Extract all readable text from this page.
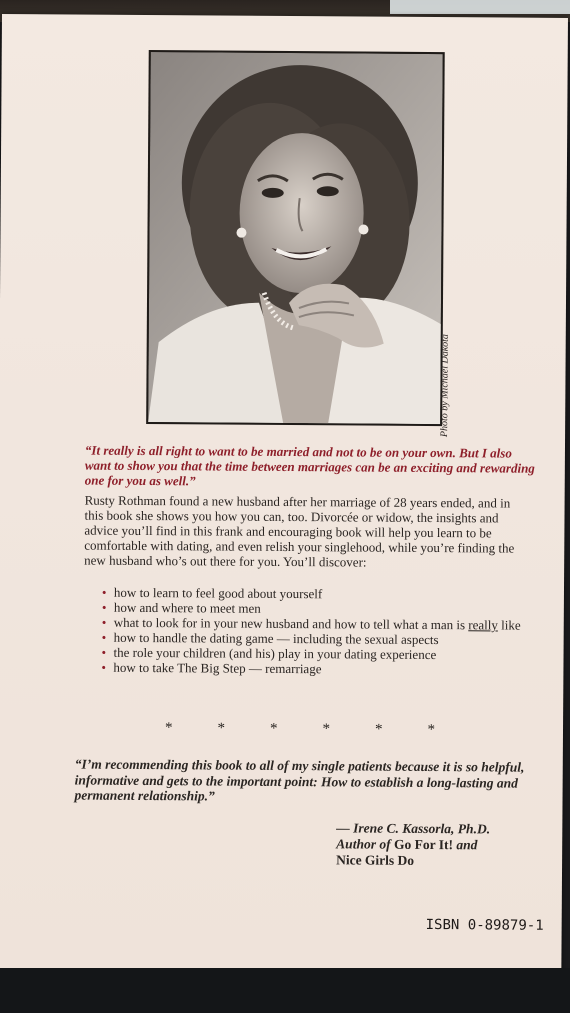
Photo by Michael Dakota

“It really is all right to want to be married and not to be on your own. But I also want to show you that the time between marriages can be an exciting and rewarding one for you as well.”

Rusty Rothman found a new husband after her marriage of 28 years ended, and in this book she shows you how you can, too. Divorcée or widow, the insights and advice you’ll find in this frank and encouraging book will help you learn to be comfortable with dating, and even relish your singlehood, while you’re finding the new husband who’s out there for you. You’ll discover:

• how to learn to feel good about yourself
• how and where to meet men
• what to look for in your new husband and how to tell what a man is really like
• how to handle the dating game — including the sexual aspects
• the role your children (and his) play in your dating experience
• how to take The Big Step — remarriage
*	*	*	*	*	*

“I’m recommending this book to all of my single patients because it is so helpful, informative and gets to the important point: How to establish a long-lasting and permanent relationship.”

— Irene C. Kassorla, Ph.D.
Author of Go For It! and
Nice Girls Do
ISBN 0-89879-1
